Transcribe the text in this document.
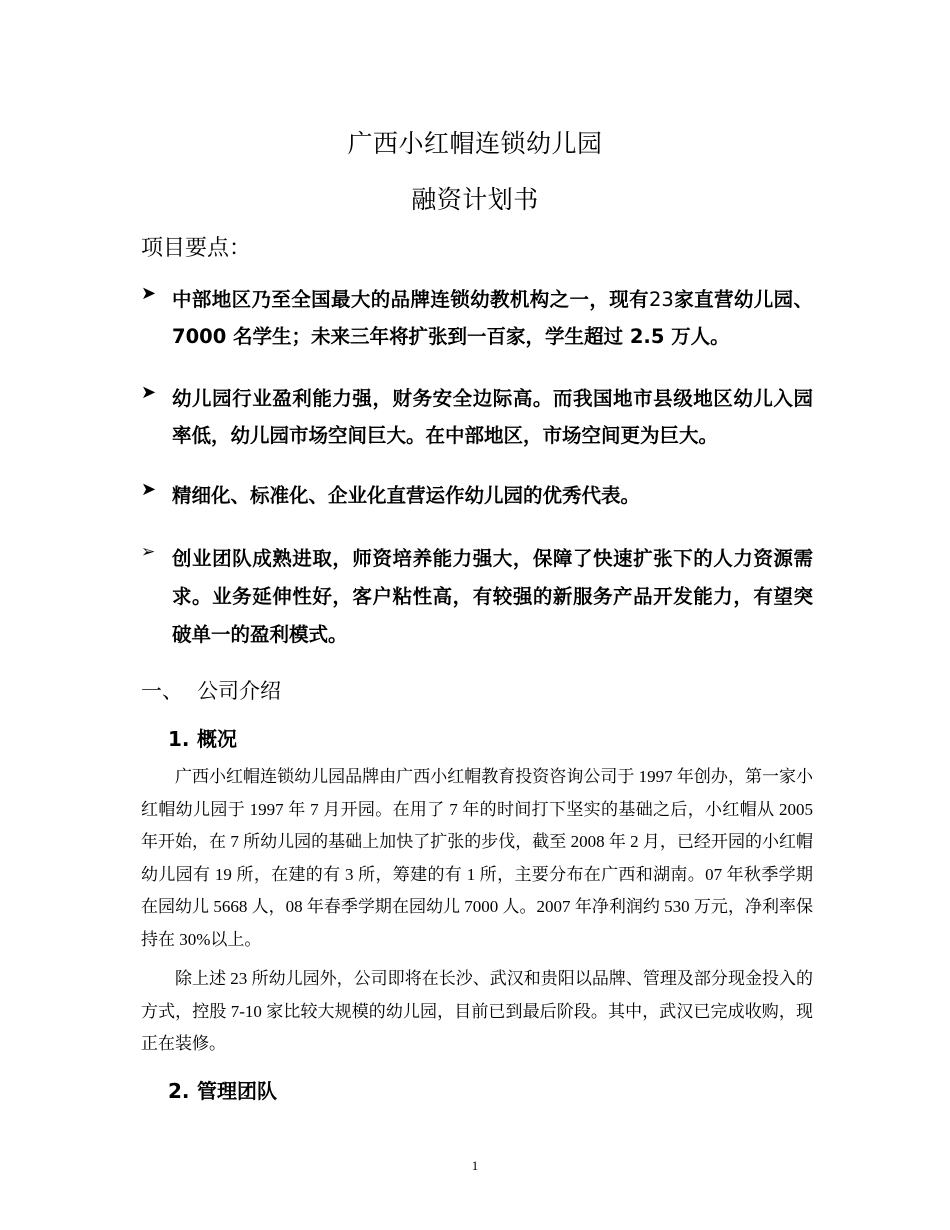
广西小红帽连锁幼儿园
融资计划书
项目要点：
➤ 中部地区乃至全国最大的品牌连锁幼教机构之一，现有23家直营幼儿园、7000 名学生；未来三年将扩张到一百家，学生超过 2.5 万人。
➤ 幼儿园行业盈利能力强，财务安全边际高。而我国地市县级地区幼儿入园率低，幼儿园市场空间巨大。在中部地区，市场空间更为巨大。
➤ 精细化、标准化、企业化直营运作幼儿园的优秀代表。
➢ 创业团队成熟进取，师资培养能力强大，保障了快速扩张下的人力资源需求。业务延伸性好，客户粘性高，有较强的新服务产品开发能力，有望突破单一的盈利模式。
一、 公司介绍
1. 概况
广西小红帽连锁幼儿园品牌由广西小红帽教育投资咨询公司于 1997 年创办，第一家小红帽幼儿园于 1997 年 7 月开园。在用了 7 年的时间打下坚实的基础之后，小红帽从 2005 年开始，在 7 所幼儿园的基础上加快了扩张的步伐，截至 2008 年 2 月，已经开园的小红帽幼儿园有 19 所，在建的有 3 所，筹建的有 1 所，主要分布在广西和湖南。07 年秋季学期在园幼儿 5668 人，08 年春季学期在园幼儿 7000 人。2007 年净利润约 530 万元，净利率保持在 30%以上。
除上述 23 所幼儿园外，公司即将在长沙、武汉和贵阳以品牌、管理及部分现金投入的方式，控股 7-10 家比较大规模的幼儿园，目前已到最后阶段。其中，武汉已完成收购，现正在装修。
2. 管理团队
1
